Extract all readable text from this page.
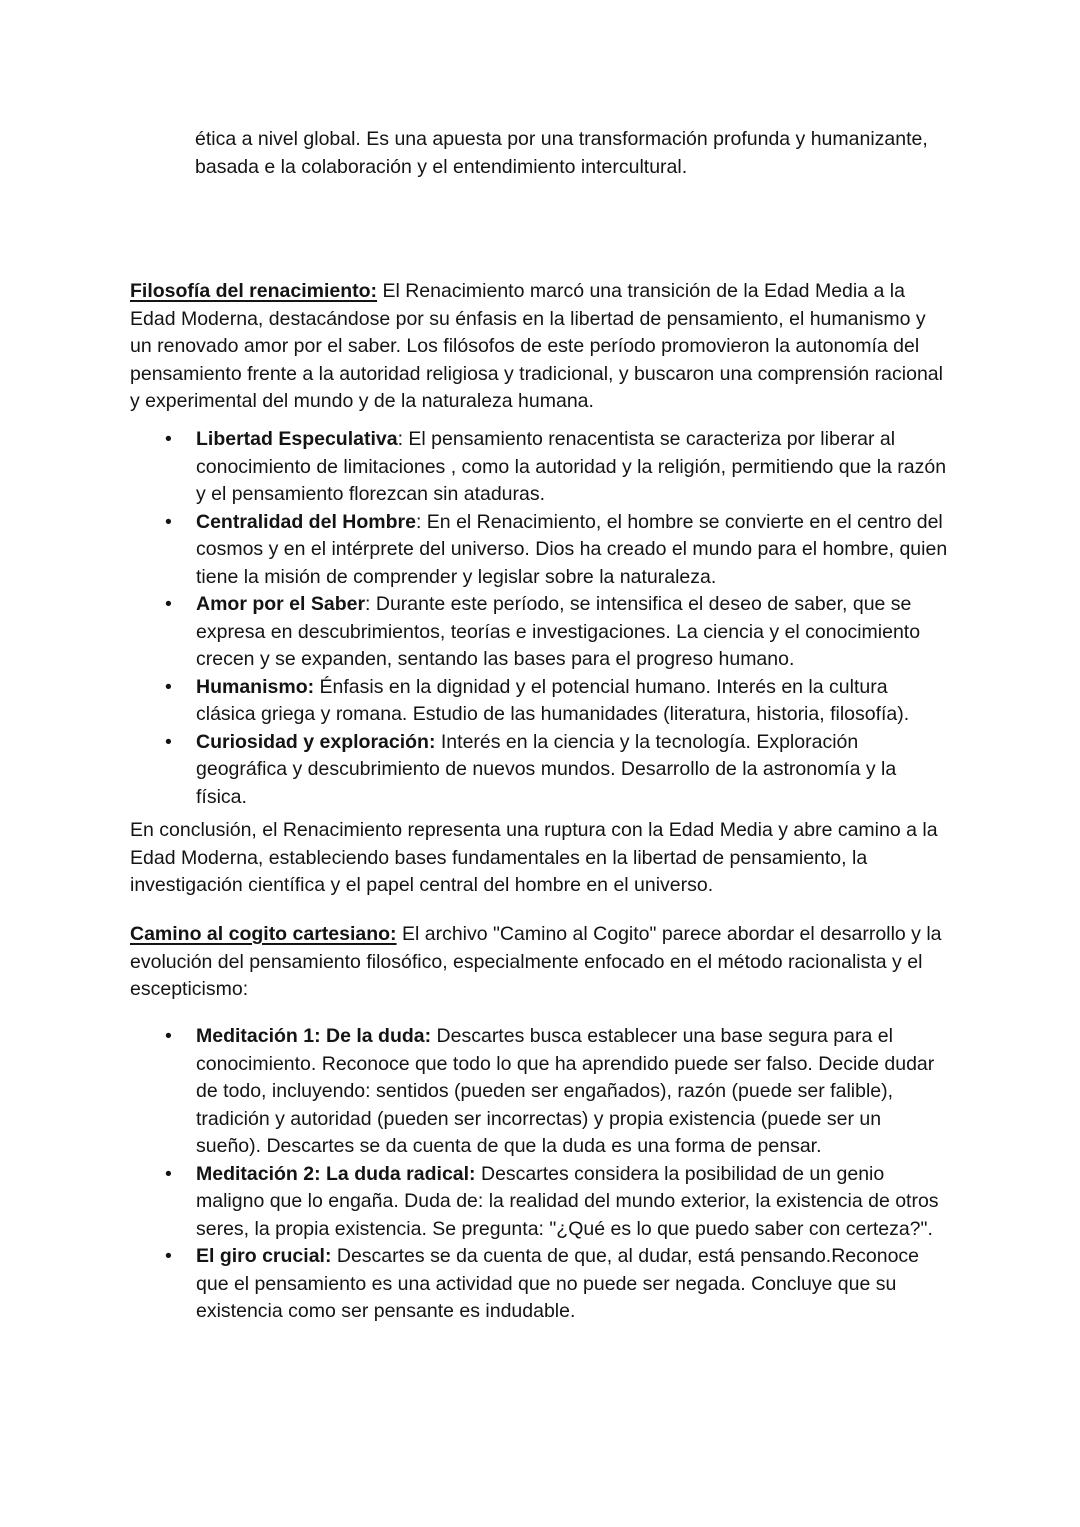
ética a nivel global. Es una apuesta por una transformación profunda y humanizante, basada e la colaboración y el entendimiento intercultural.

Filosofía del renacimiento: El Renacimiento marcó una transición de la Edad Media a la Edad Moderna, destacándose por su énfasis en la libertad de pensamiento, el humanismo y un renovado amor por el saber. Los filósofos de este período promovieron la autonomía del pensamiento frente a la autoridad religiosa y tradicional, y buscaron una comprensión racional y experimental del mundo y de la naturaleza humana.

• Libertad Especulativa: El pensamiento renacentista se caracteriza por liberar al conocimiento de limitaciones , como la autoridad y la religión, permitiendo que la razón y el pensamiento florezcan sin ataduras.
• Centralidad del Hombre: En el Renacimiento, el hombre se convierte en el centro del cosmos y en el intérprete del universo. Dios ha creado el mundo para el hombre, quien tiene la misión de comprender y legislar sobre la naturaleza.
• Amor por el Saber: Durante este período, se intensifica el deseo de saber, que se expresa en descubrimientos, teorías e investigaciones. La ciencia y el conocimiento crecen y se expanden, sentando las bases para el progreso humano.
• Humanismo: Énfasis en la dignidad y el potencial humano. Interés en la cultura clásica griega y romana. Estudio de las humanidades (literatura, historia, filosofía).
• Curiosidad y exploración: Interés en la ciencia y la tecnología. Exploración geográfica y descubrimiento de nuevos mundos. Desarrollo de la astronomía y la física.

En conclusión, el Renacimiento representa una ruptura con la Edad Media y abre camino a la Edad Moderna, estableciendo bases fundamentales en la libertad de pensamiento, la investigación científica y el papel central del hombre en el universo.

Camino al cogito cartesiano: El archivo "Camino al Cogito" parece abordar el desarrollo y la evolución del pensamiento filosófico, especialmente enfocado en el método racionalista y el escepticismo:

• Meditación 1: De la duda: Descartes busca establecer una base segura para el conocimiento. Reconoce que todo lo que ha aprendido puede ser falso. Decide dudar de todo, incluyendo: sentidos (pueden ser engañados), razón (puede ser falible), tradición y autoridad (pueden ser incorrectas) y propia existencia (puede ser un sueño). Descartes se da cuenta de que la duda es una forma de pensar.
• Meditación 2: La duda radical: Descartes considera la posibilidad de un genio maligno que lo engaña. Duda de: la realidad del mundo exterior, la existencia de otros seres, la propia existencia. Se pregunta: "¿Qué es lo que puedo saber con certeza?".
• El giro crucial: Descartes se da cuenta de que, al dudar, está pensando.Reconoce que el pensamiento es una actividad que no puede ser negada. Concluye que su existencia como ser pensante es indudable.
